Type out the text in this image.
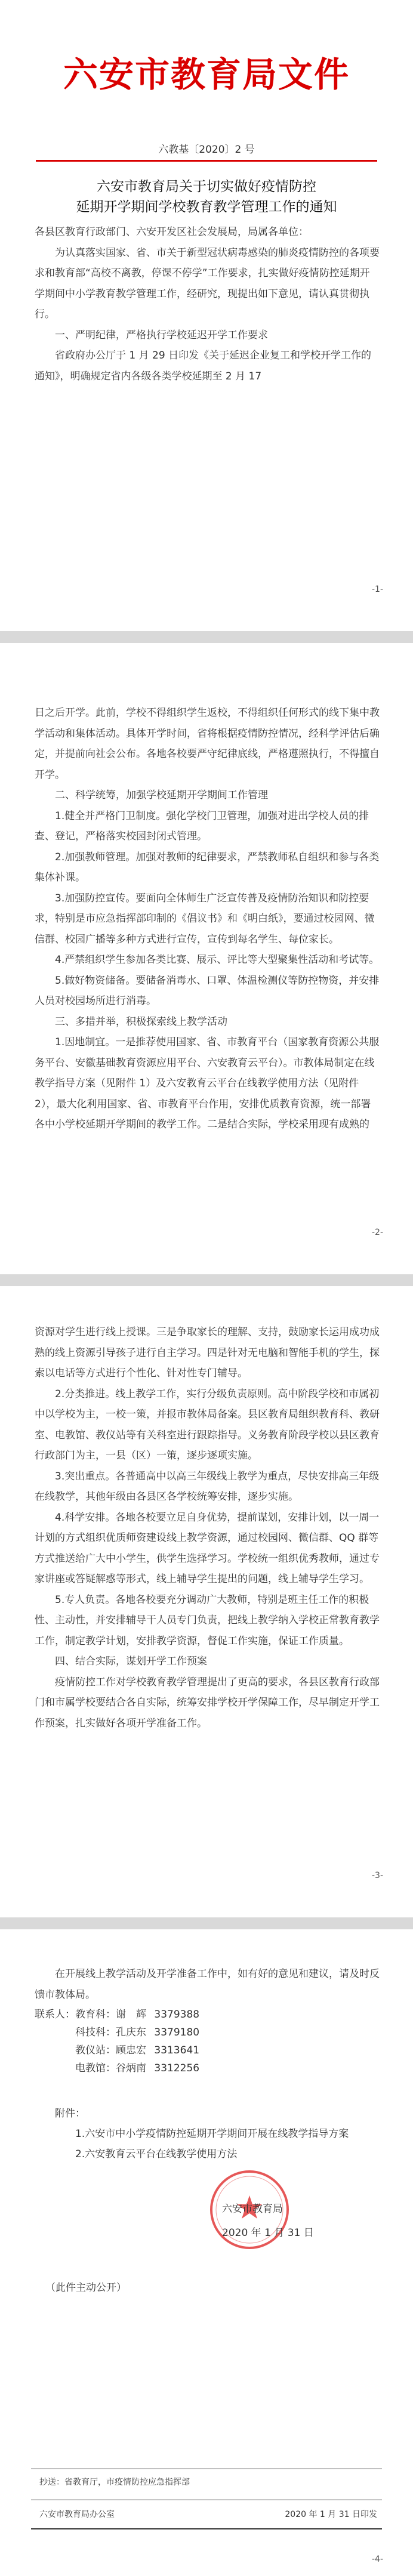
六安市教育局文件
六教基〔2020〕2 号
六安市教育局关于切实做好疫情防控
延期开学期间学校教育教学管理工作的通知

各县区教育行政部门、六安开发区社会发展局，局属各单位：

为认真落实国家、省、市关于新型冠状病毒感染的肺炎疫情防控的各项要求和教育部“高校不离教，停课不停学”工作要求，扎实做好疫情防控延期开学期间中小学教育教学管理工作，经研究，现提出如下意见，请认真贯彻执行。

一、严明纪律，严格执行学校延迟开学工作要求

省政府办公厅于 1 月 29 日印发《关于延迟企业复工和学校开学工作的通知》，明确规定省内各级各类学校延期至 2 月 17

-1-

日之后开学。此前，学校不得组织学生返校，不得组织任何形式的线下集中教学活动和集体活动。具体开学时间，省将根据疫情防控情况，经科学评估后确定，并提前向社会公布。各地各校要严守纪律底线，严格遵照执行，不得擅自开学。

二、科学统筹，加强学校延期开学期间工作管理

1.健全并严格门卫制度。强化学校门卫管理，加强对进出学校人员的排查、登记，严格落实校园封闭式管理。

2.加强教师管理。加强对教师的纪律要求，严禁教师私自组织和参与各类集体补课。

3.加强防控宣传。要面向全体师生广泛宣传普及疫情防治知识和防控要求，特别是市应急指挥部印制的《倡议书》和《明白纸》，要通过校园网、微信群、校园广播等多种方式进行宣传，宣传到每名学生、每位家长。

4.严禁组织学生参加各类比赛、展示、评比等大型聚集性活动和考试等。

5.做好物资储备。要储备消毒水、口罩、体温检测仪等防控物资，并安排人员对校园场所进行消毒。

三、多措并举，积极探索线上教学活动

1.因地制宜。一是推荐使用国家、省、市教育平台（国家教育资源公共服务平台、安徽基础教育资源应用平台、六安教育云平台）。市教体局制定在线教学指导方案（见附件 1）及六安教育云平台在线教学使用方法（见附件 2），最大化利用国家、省、市教育平台作用，安排优质教育资源，统一部署各中小学校延期开学期间的教学工作。二是结合实际，学校采用现有成熟的

-2-

资源对学生进行线上授课。三是争取家长的理解、支持，鼓励家长运用成功成熟的线上资源引导孩子进行自主学习。四是针对无电脑和智能手机的学生，探索以电话等方式进行个性化、针对性专门辅导。

2.分类推进。线上教学工作，实行分级负责原则。高中阶段学校和市属初中以学校为主，一校一策，并报市教体局备案。县区教育局组织教育科、教研室、电教馆、教仪站等有关科室进行跟踪指导。义务教育阶段学校以县区教育行政部门为主，一县（区）一策，逐步逐项实施。

3.突出重点。各普通高中以高三年级线上教学为重点，尽快安排高三年级在线教学，其他年级由各县区各学校统筹安排，逐步实施。

4.科学安排。各地各校要立足自身优势，提前谋划，安排计划，以一周一计划的方式组织优质师资建设线上教学资源，通过校园网、微信群、QQ 群等方式推送给广大中小学生，供学生选择学习。学校统一组织优秀教师，通过专家讲座或答疑解惑等形式，线上辅导学生提出的问题，线上辅导学生学习。

5.专人负责。各地各校要充分调动广大教师，特别是班主任工作的积极性、主动性，并安排辅导干人员专门负责，把线上教学纳入学校正常教育教学工作，制定教学计划，安排教学资源，督促工作实施，保证工作质量。

四、结合实际，谋划开学工作预案

疫情防控工作对学校教育教学管理提出了更高的要求，各县区教育行政部门和市属学校要结合各自实际，统筹安排学校开学保障工作，尽早制定开学工作预案，扎实做好各项开学准备工作。

-3-

在开展线上教学活动及开学准备工作中，如有好的意见和建议，请及时反馈市教体局。

联系人：教育科：谢　辉 3379388
科技科：孔庆东 3379180
教仪站：顾忠宏 3313641
电教馆：谷炳南 3312256
附件：
1.六安市中小学疫情防控延期开学期间开展在线教学指导方案
2.六安教育云平台在线教学使用方法
六安市教育局
2020 年 1 月 31 日
（此件主动公开）
抄送：省教育厅，市疫情防控应急指挥部
六安市教育局办公室	2020 年 1 月 31 日印发
-4-
